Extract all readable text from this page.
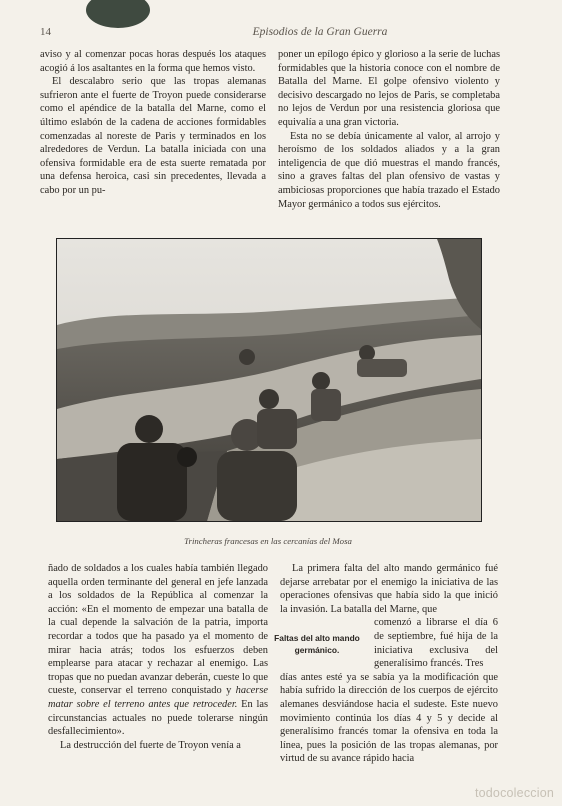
14	Episodios de la Gran Guerra

aviso y al comenzar pocas horas después los ataques acogió á los asaltantes en la forma que hemos visto.

El descalabro serio que las tropas alemanas sufrieron ante el fuerte de Troyon puede considerarse como el apéndice de la batalla del Marne, como el último eslabón de la cadena de acciones formidables comenzadas al noreste de Paris y terminados en los alrededores de Verdun. La batalla iniciada con una ofensiva formidable era de esta suerte rematada por una defensa heroica, casi sin precedentes, llevada a cabo por un pu-

poner un epílogo épico y glorioso a la serie de luchas formidables que la historia conoce con el nombre de Batalla del Marne. El golpe ofensivo violento y decisivo descargado no lejos de Paris, se completaba no lejos de Verdun por una resistencia gloriosa que equivalía a una gran victoria.

Esta no se debía únicamente al valor, al arrojo y heroísmo de los soldados aliados y a la gran inteligencia de que dió muestras el mando francés, sino a graves faltas del plan ofensivo de vastas y ambiciosas proporciones que había trazado el Estado Mayor germánico a todos sus ejércitos.

Trincheras francesas en las cercanías del Mosa

ñado de soldados a los cuales había también llegado aquella orden terminante del general en jefe lanzada a los soldados de la República al comenzar la acción: «En el momento de empezar una batalla de la cual depende la salvación de la patria, importa recordar a todos que ha pasado ya el momento de mirar hacia atrás; todos los esfuerzos deben emplearse para atacar y rechazar al enemigo. Las tropas que no puedan avanzar deberán, cueste lo que cueste, conservar el terreno conquistado y hacerse matar sobre el terreno antes que retroceder. En las circunstancias actuales no puede tolerarse ningún desfallecimiento».

La destrucción del fuerte de Troyon venía a

La primera falta del alto mando germánico fué dejarse arrebatar por el enemigo la iniciativa de las operaciones ofensivas que había sido la que inició la invasión. La batalla del Marne, que

comenzó a librarse el día 6 de septiembre, fué hija de la iniciativa exclusiva del generalísimo francés. Tres

días antes esté ya se sabía ya la modificación que había sufrido la dirección de los cuerpos de ejército alemanes desviándose hacia el sudeste. Este nuevo movimiento continúa los días 4 y 5 y decide al generalísimo francés tomar la ofensiva en toda la línea, pues la posición de las tropas alemanas, por virtud de su avance rápido hacia

Faltas del alto mando germánico.
todocoleccion
